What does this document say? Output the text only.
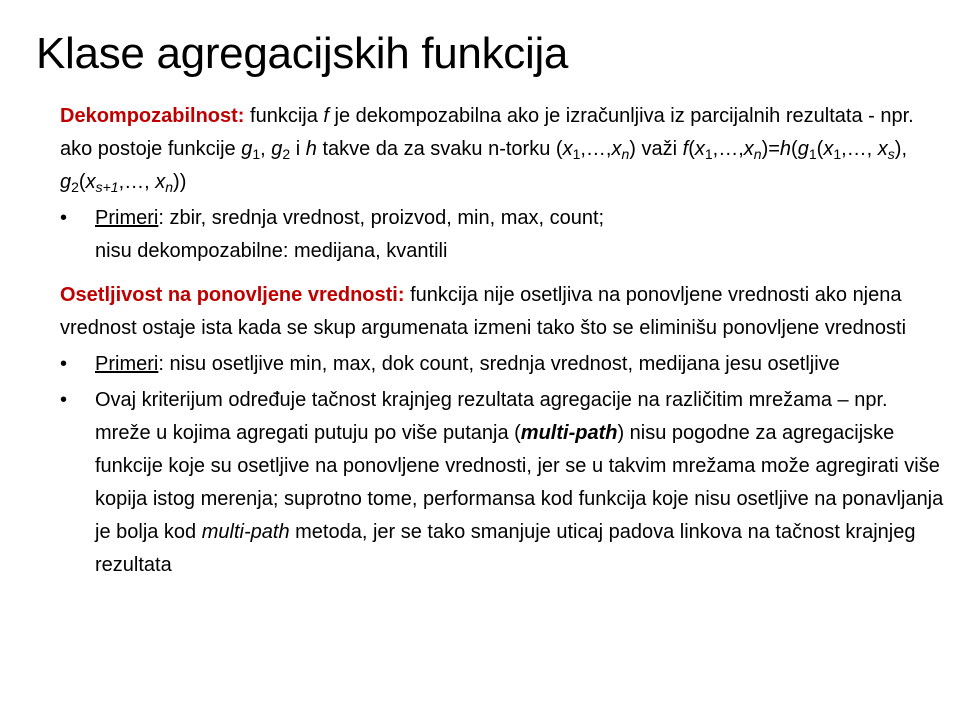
Klase agregacijskih funkcija

Dekompozabilnost: funkcija f je dekompozabilna ako je izračunljiva iz parcijalnih rezultata - npr. ako postoje funkcije $g_1$, $g_2$ i h takve da za svaku n-torku $(x_1,\dots,x_n)$ važi $f(x_1,\dots,x_n)=h(g_1(x_1,\dots$, $x_s$), $g_2(x_{s+1},\dots$, $x_n$))

• Primeri: zbir, srednja vrednost, proizvod, min, max, count;
nisu dekompozabilne: medijana, kvantili

Osetljivost na ponovljene vrednosti: funkcija nije osetljiva na ponovljene vrednosti ako njena vrednost ostaje ista kada se skup argumenata izmeni tako što se eliminišu ponovljene vrednosti

• Primeri: nisu osetljive min, max, dok count, srednja vrednost, medijana jesu osetljive
• Ovaj kriterijum određuje tačnost krajnjeg rezultata agregacije na različitim mrežama – npr. mreže u kojima agregati putuju po više putanja (multi-path) nisu pogodne za agregacijske funkcije koje su osetljive na ponovljene vrednosti, jer se u takvim mrežama može agregirati više kopija istog merenja; suprotno tome, performansa kod funkcija koje nisu osetljive na ponavljanja je bolja kod multi-path metoda, jer se tako smanjuje uticaj padova linkova na tačnost krajnjeg rezultata
